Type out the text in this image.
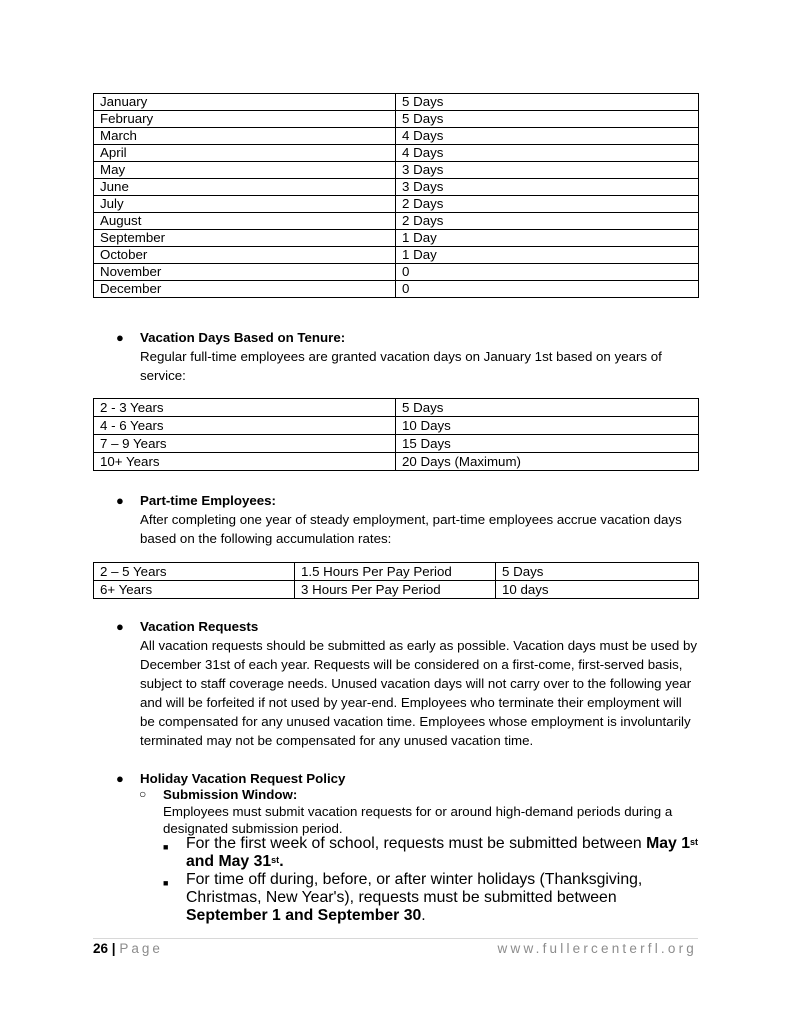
January	5 Days
February	5 Days
March	4 Days
April	4 Days
May	3 Days
June	3 Days
July	2 Days
August	2 Days
September	1 Day
October	1 Day
November	0
December	0
● Vacation Days Based on Tenure:
Regular full-time employees are granted vacation days on January 1st based on years of service:
2 - 3 Years	5 Days
4 - 6 Years	10 Days
7 – 9 Years	15 Days
10+ Years	20 Days (Maximum)
● Part-time Employees:
After completing one year of steady employment, part-time employees accrue vacation days based on the following accumulation rates:
2 – 5 Years	1.5 Hours Per Pay Period	5 Days
6+ Years	3 Hours Per Pay Period	10 days
● Vacation Requests
All vacation requests should be submitted as early as possible. Vacation days must be used by December 31st of each year. Requests will be considered on a first-come, first-served basis, subject to staff coverage needs. Unused vacation days will not carry over to the following year and will be forfeited if not used by year-end. Employees who terminate their employment will be compensated for any unused vacation time. Employees whose employment is involuntarily terminated may not be compensated for any unused vacation time.
● Holiday Vacation Request Policy
○ Submission Window:
Employees must submit vacation requests for or around high-demand periods during a designated submission period.
■ For the first week of school, requests must be submitted between May 1st and May 31st.
■ For time off during, before, or after winter holidays (Thanksgiving, Christmas, New Year's), requests must be submitted between September 1 and September 30.
26 | Page	www.fullercenterfl.org
